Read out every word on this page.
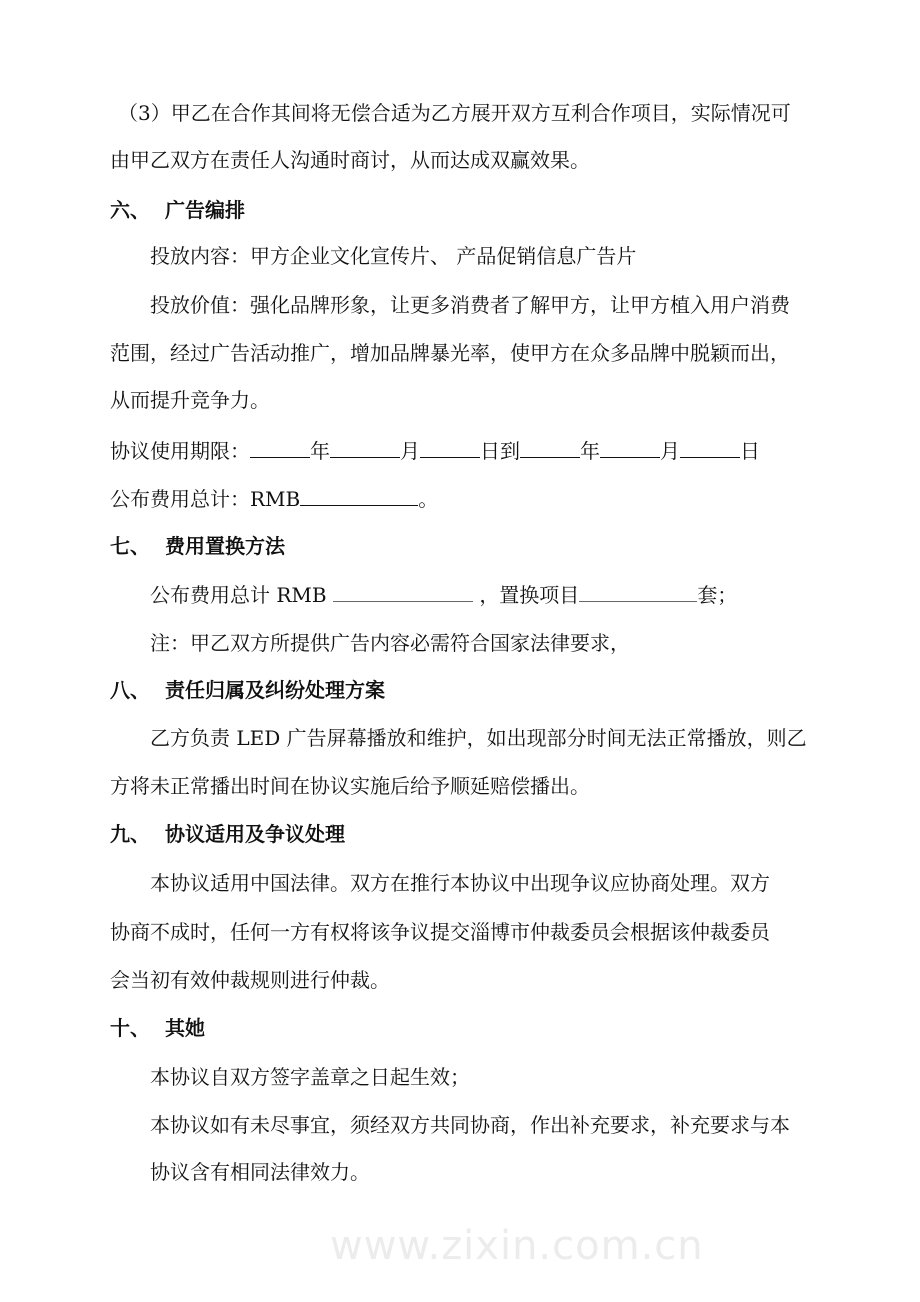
www.zixin.com.cn
（3）甲乙在合作其间将无偿合适为乙方展开双方互利合作项目，实际情况可
由甲乙双方在责任人沟通时商讨，从而达成双赢效果。
六、 广告编排
投放内容：甲方企业文化宣传片、 产品促销信息广告片
投放价值：强化品牌形象，让更多消费者了解甲方，让甲方植入用户消费
范围，经过广告活动推广，增加品牌暴光率，使甲方在众多品牌中脱颖而出，
从而提升竞争力。
协议使用期限：	年	月	日到	年	月	日
公布费用总计：RMB	。
七、 费用置换方法
公布费用总计 RMB	，置换项目	套；
注：甲乙双方所提供广告内容必需符合国家法律要求，
八、 责任归属及纠纷处理方案
乙方负责 LED 广告屏幕播放和维护，如出现部分时间无法正常播放，则乙
方将未正常播出时间在协议实施后给予顺延赔偿播出。
九、 协议适用及争议处理
本协议适用中国法律。双方在推行本协议中出现争议应协商处理。双方
协商不成时，任何一方有权将该争议提交淄博市仲裁委员会根据该仲裁委员
会当初有效仲裁规则进行仲裁。
十、 其她
本协议自双方签字盖章之日起生效；
本协议如有未尽事宜，须经双方共同协商，作出补充要求，补充要求与本
协议含有相同法律效力。
